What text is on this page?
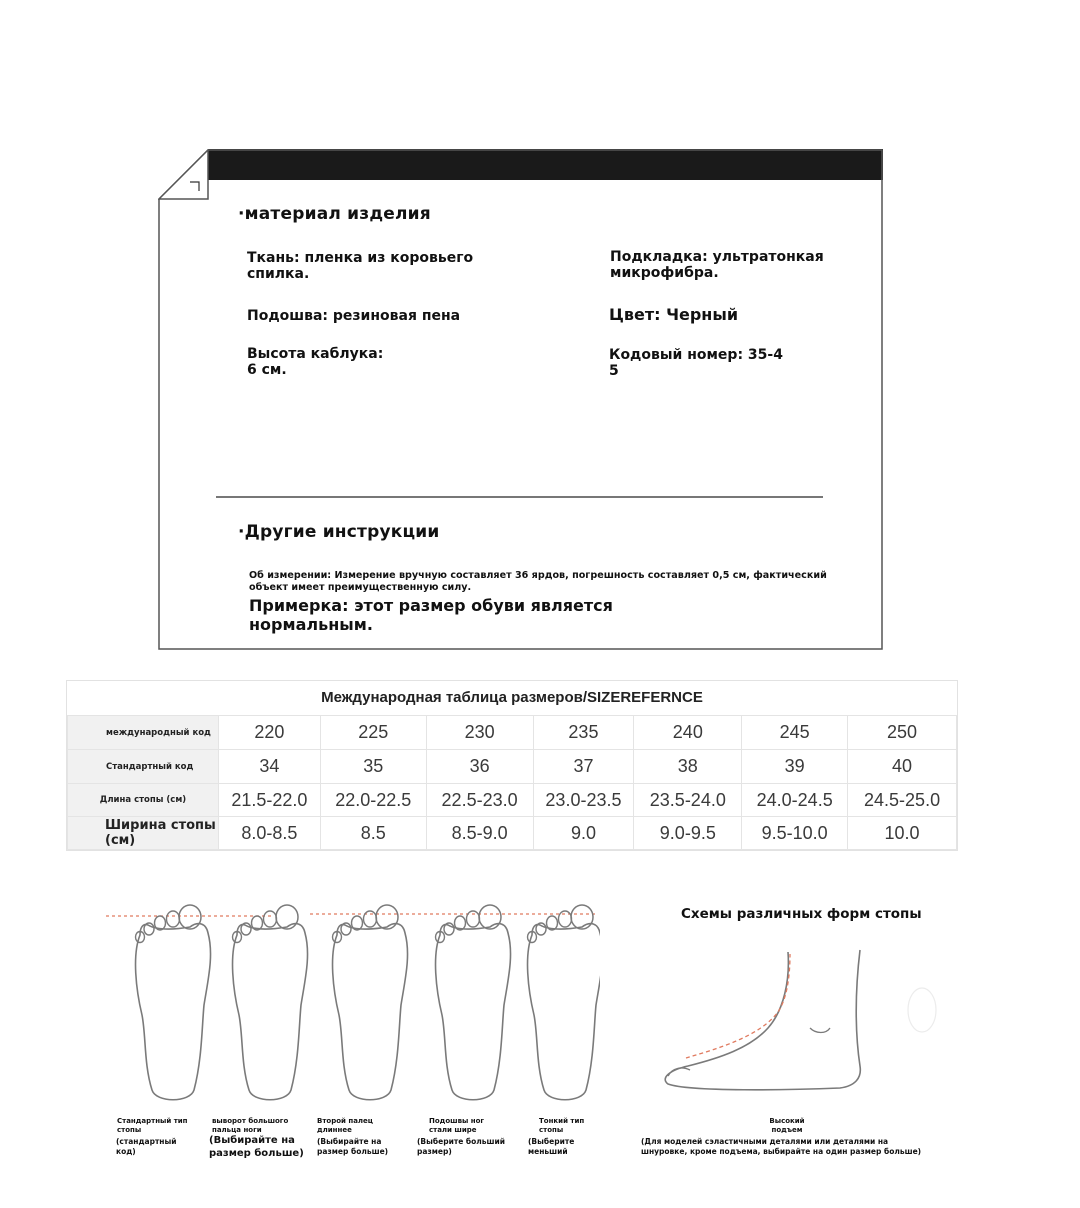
·материал изделия
Ткань: пленка из коровьего спилка.
Подкладка: ультратонкая микрофибра.
Подошва: резиновая пена	Цвет: Черный
Высота каблука: 6 см.
Кодовый номер: 35-4
5
·Другие инструкции
Об измерении: Измерение вручную составляет 36 ярдов, погрешность составляет 0,5 см, фактический объект имеет преимущественную силу.
Примерка: этот размер обуви является нормальным.
Международная таблица размеров/SIZEREFERNCE
международный код	220	225	230	235	240	245	250
Стандартный код	34	35	36	37	38	39	40
Длина стопы (см)	21.5-22.0	22.0-22.5	22.5-23.0	23.0-23.5	23.5-24.0	24.0-24.5	24.5-25.0
Ширина стопы (см)	8.0-8.5	8.5	8.5-9.0	9.0	9.0-9.5	9.5-10.0	10.0
Стандартный тип стопы
(стандартный код)
выворот большого пальца ноги
(Выбирайте на размер больше)
Второй палец длиннее
(Выбирайте на размер больше)
Подошвы ног стали шире
(Выберите больший размер)
Тонкий тип стопы
(Выберите меньший
Схемы различных форм стопы
Высокий подъем
(Для моделей сэластичными деталями или деталями на шнуровке, кроме подъема, выбирайте на один размер больше)
